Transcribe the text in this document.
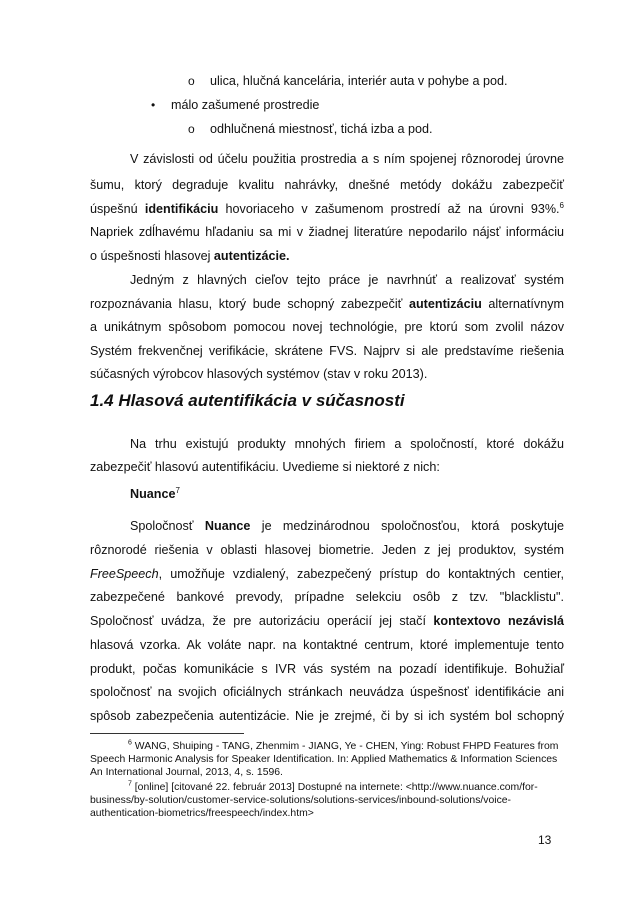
o ulica, hlučná kancelária, interiér auta v pohybe a pod.
• málo zašumené prostredie
o odhlučnená miestnosť, tichá izba a pod.
V závislosti od účelu použitia prostredia a s ním spojenej rôznorodej úrovne
šumu, ktorý degraduje kvalitu nahrávky, dnešné metódy dokážu zabezpečiť
úspešnú identifikáciu hovoriaceho v zašumenom prostredí až na úrovni 93%.$^6$
Napriek zdĺhavému hľadaniu sa mi v žiadnej literatúre nepodarilo nájsť informáciu
o úspešnosti hlasovej autentizácie.
Jedným z hlavných cieľov tejto práce je navrhnúť a realizovať systém
rozpoznávania hlasu, ktorý bude schopný zabezpečiť autentizáciu alternatívnym
a unikátnym spôsobom pomocou novej technológie, pre ktorú som zvolil názov
Systém frekvenčnej verifikácie, skrátene FVS. Najprv si ale predstavíme riešenia
súčasných výrobcov hlasových systémov (stav v roku 2013).
1.4 Hlasová autentifikácia v súčasnosti
Na trhu existujú produkty mnohých firiem a spoločností, ktoré dokážu
zabezpečiť hlasovú autentifikáciu. Uvedieme si niektoré z nich:
Nuance$^7$
Spoločnosť Nuance je medzinárodnou spoločnosťou, ktorá poskytuje
rôznorodé riešenia v oblasti hlasovej biometrie. Jeden z jej produktov, systém
FreeSpeech, umožňuje vzdialený, zabezpečený prístup do kontaktných centier,
zabezpečené bankové prevody, prípadne selekciu osôb z tzv. "blacklistu".
Spoločnosť uvádza, že pre autorizáciu operácií jej stačí kontextovo nezávislá
hlasová vzorka. Ak voláte napr. na kontaktné centrum, ktoré implementuje tento
produkt, počas komunikácie s IVR vás systém na pozadí identifikuje. Bohužiaľ
spoločnosť na svojich oficiálnych stránkach neuvádza úspešnosť identifikácie ani
spôsob zabezpečenia autentizácie. Nie je zrejmé, či by si ich systém bol schopný
$^6$ WANG, Shuiping - TANG, Zhenmim - JIANG, Ye - CHEN, Ying: Robust FHPD Features from Speech Harmonic Analysis for Speaker Identification. In: Applied Mathematics & Information Sciences An International Journal, 2013, 4, s. 1596.
$^7$ [online] [citované 22. február 2013] Dostupné na internete: <http://www.nuance.com/for-business/by-solution/customer-service-solutions/solutions-services/inbound-solutions/voice-authentication-biometrics/freespeech/index.htm>
13
